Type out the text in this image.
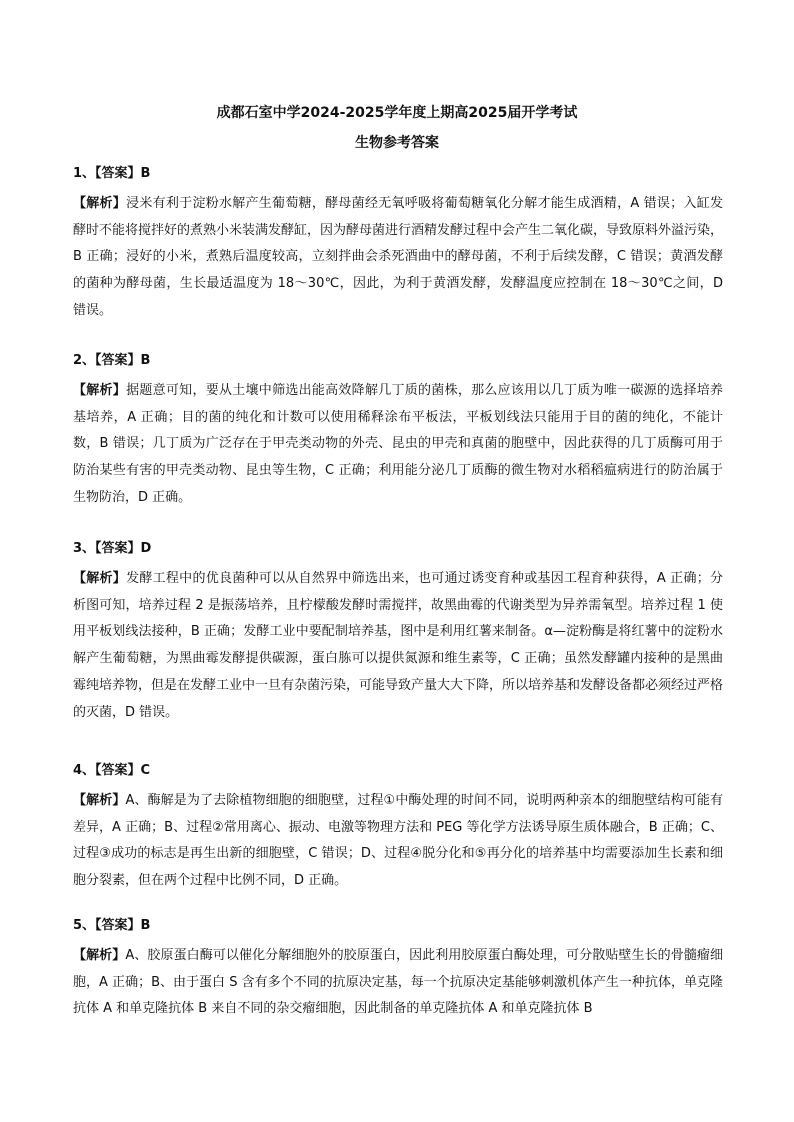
成都石室中学2024-2025学年度上期高2025届开学考试
生物参考答案
1、【答案】B
【解析】浸米有利于淀粉水解产生葡萄糖，酵母菌经无氧呼吸将葡萄糖氧化分解才能生成酒精，A 错误；入缸发酵时不能将搅拌好的煮熟小米装满发酵缸，因为酵母菌进行酒精发酵过程中会产生二氧化碳，导致原料外溢污染，B 正确；浸好的小米，煮熟后温度较高，立刻拌曲会杀死酒曲中的酵母菌，不利于后续发酵，C 错误；黄酒发酵的菌种为酵母菌，生长最适温度为 18～30℃，因此，为利于黄酒发酵，发酵温度应控制在 18～30℃之间，D 错误。
2、【答案】B
【解析】据题意可知，要从土壤中筛选出能高效降解几丁质的菌株，那么应该用以几丁质为唯一碳源的选择培养基培养，A 正确；目的菌的纯化和计数可以使用稀释涂布平板法，平板划线法只能用于目的菌的纯化，不能计数，B 错误；几丁质为广泛存在于甲壳类动物的外壳、昆虫的甲壳和真菌的胞壁中，因此获得的几丁质酶可用于防治某些有害的甲壳类动物、昆虫等生物，C 正确；利用能分泌几丁质酶的微生物对水稻稻瘟病进行的防治属于生物防治，D 正确。
3、【答案】D
【解析】发酵工程中的优良菌种可以从自然界中筛选出来，也可通过诱变育种或基因工程育种获得，A 正确；分析图可知，培养过程 2 是振荡培养，且柠檬酸发酵时需搅拌，故黑曲霉的代谢类型为异养需氧型。培养过程 1 使用平板划线法接种，B 正确；发酵工业中要配制培养基，图中是利用红薯来制备。α—淀粉酶是将红薯中的淀粉水解产生葡萄糖，为黑曲霉发酵提供碳源，蛋白胨可以提供氮源和维生素等，C 正确；虽然发酵罐内接种的是黑曲霉纯培养物，但是在发酵工业中一旦有杂菌污染，可能导致产量大大下降，所以培养基和发酵设备都必须经过严格的灭菌，D 错误。
4、【答案】C
【解析】A、酶解是为了去除植物细胞的细胞壁，过程①中酶处理的时间不同，说明两种亲本的细胞壁结构可能有差异，A 正确；B、过程②常用离心、振动、电激等物理方法和 PEG 等化学方法诱导原生质体融合，B 正确；C、过程③成功的标志是再生出新的细胞壁，C 错误；D、过程④脱分化和⑤再分化的培养基中均需要添加生长素和细胞分裂素，但在两个过程中比例不同，D 正确。
5、【答案】B
【解析】A、胶原蛋白酶可以催化分解细胞外的胶原蛋白，因此利用胶原蛋白酶处理，可分散贴壁生长的骨髓瘤细胞，A 正确；B、由于蛋白 S 含有多个不同的抗原决定基，每一个抗原决定基能够刺激机体产生一种抗体，单克隆抗体 A 和单克隆抗体 B 来自不同的杂交瘤细胞，因此制备的单克隆抗体 A 和单克隆抗体 B
